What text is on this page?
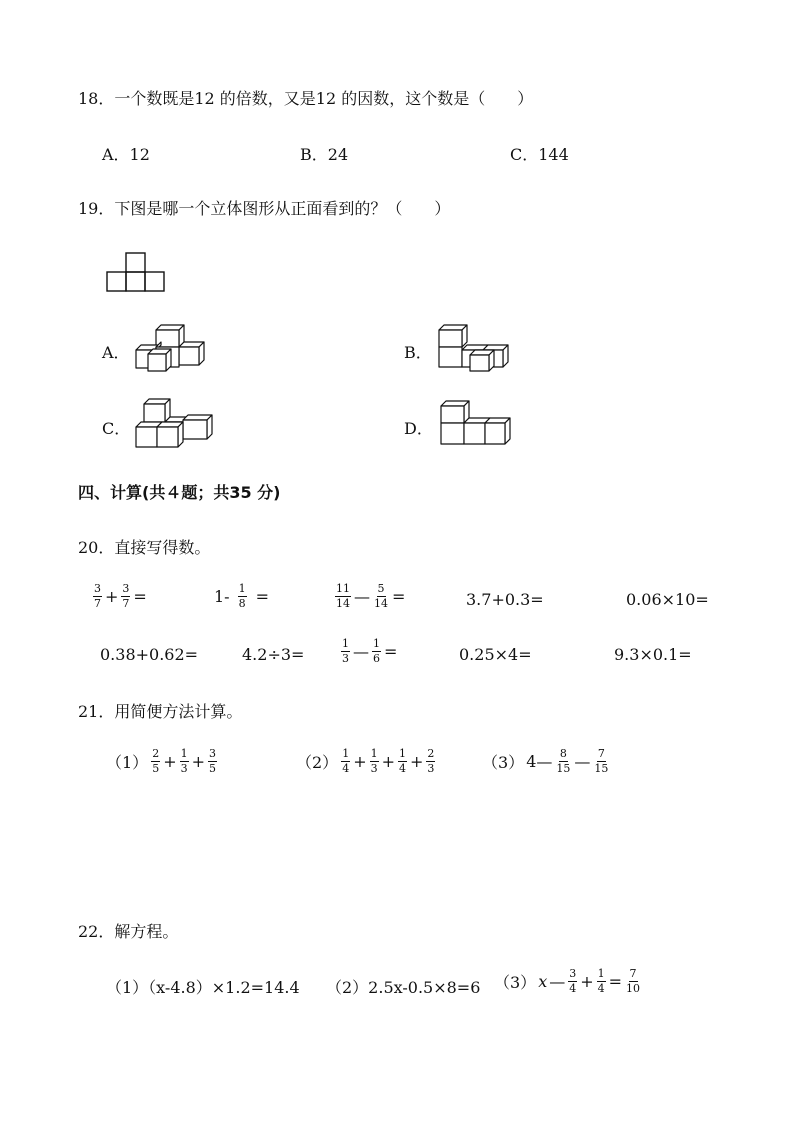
18．一个数既是12 的倍数，又是12 的因数，这个数是（　　）
A．12	B．24	C．144
19．下图是哪一个立体图形从正面看到的？（　　）
A．	B．
C．	D．
四、计算(共４题；共35 分)
20．直接写得数。
$\frac{3}{7} + \frac{3}{7}$ =	$1- \frac{1}{8}$ =	$\frac{11}{14}$ — $\frac{5}{14}$ =	3.7+0.3=	0.06×10=
0.38+0.62=	4.2÷3=	$\frac{1}{3}$ — $\frac{1}{6}$ =	0.25×4=	9.3×0.1=
21．用简便方法计算。
$(1) \frac{2}{5} + \frac{1}{3} + \frac{3}{5}$	$(2) \frac{1}{4} + \frac{1}{3} + \frac{1}{4} + \frac{2}{3}$	（3） 4— $\frac{8}{15}$ — $\frac{7}{15}$
22．解方程。
（1）（x-4.8）×1.2=14.4 （2）2.5x-0.5×8=6 （3） x — $\frac{3}{4} + \frac{1}{4} = \frac{7}{10}$
